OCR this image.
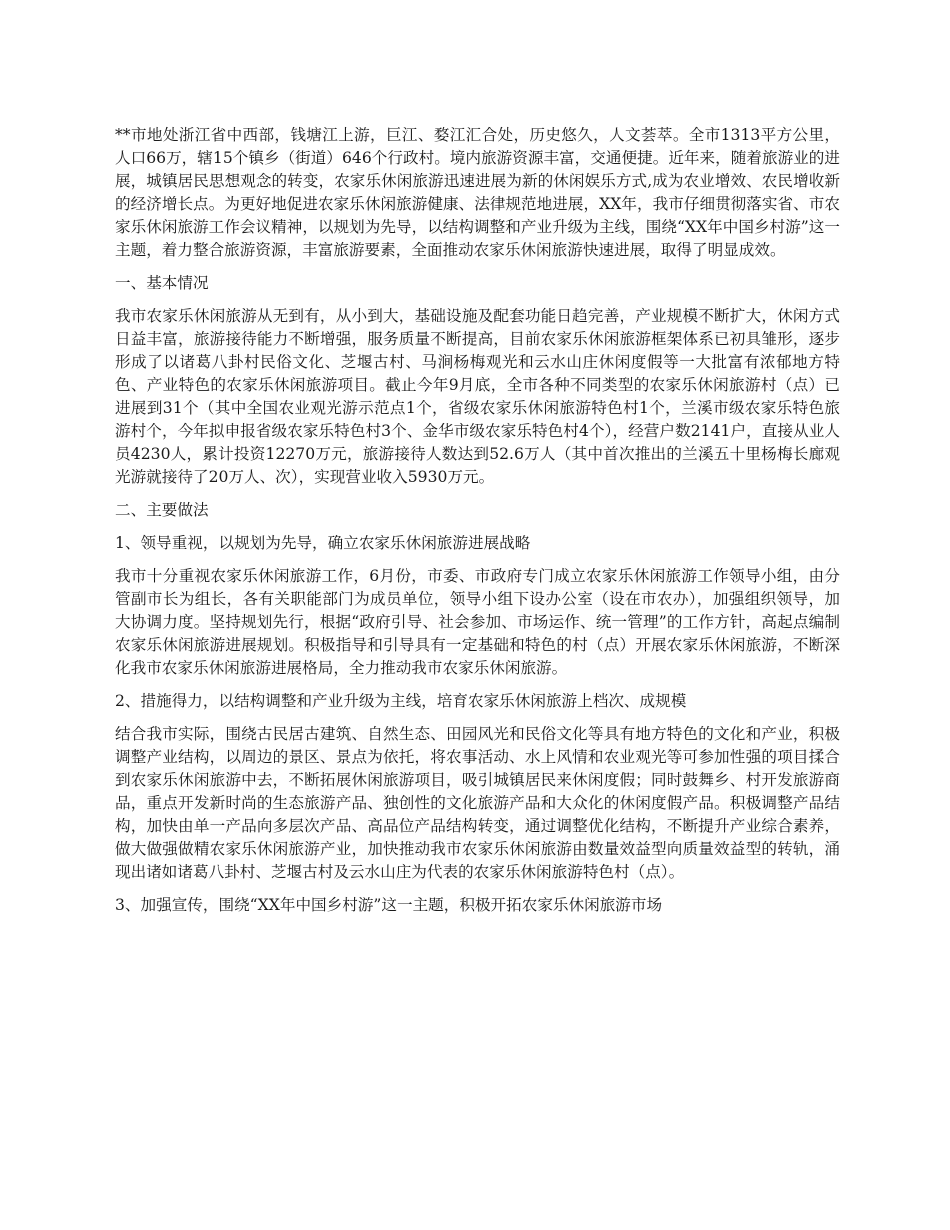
**市地处浙江省中西部，钱塘江上游，巨江、婺江汇合处，历史悠久，人文荟萃。全市1313平方公里，人口66万，辖15个镇乡（街道）646个行政村。境内旅游资源丰富，交通便捷。近年来，随着旅游业的进展，城镇居民思想观念的转变，农家乐休闲旅游迅速进展为新的休闲娱乐方式,成为农业增效、农民增收新的经济增长点。为更好地促进农家乐休闲旅游健康、法律规范地进展，XX年，我市仔细贯彻落实省、市农家乐休闲旅游工作会议精神，以规划为先导，以结构调整和产业升级为主线，围绕“XX年中国乡村游”这一主题，着力整合旅游资源，丰富旅游要素，全面推动农家乐休闲旅游快速进展，取得了明显成效。

一、基本情况

我市农家乐休闲旅游从无到有，从小到大，基础设施及配套功能日趋完善，产业规模不断扩大，休闲方式日益丰富，旅游接待能力不断增强，服务质量不断提高，目前农家乐休闲旅游框架体系已初具雏形，逐步形成了以诸葛八卦村民俗文化、芝堰古村、马涧杨梅观光和云水山庄休闲度假等一大批富有浓郁地方特色、产业特色的农家乐休闲旅游项目。截止今年9月底，全市各种不同类型的农家乐休闲旅游村（点）已进展到31个（其中全国农业观光游示范点1个，省级农家乐休闲旅游特色村1个，兰溪市级农家乐特色旅游村个，今年拟申报省级农家乐特色村3个、金华市级农家乐特色村4个），经营户数2141户，直接从业人员4230人，累计投资12270万元，旅游接待人数达到52.6万人（其中首次推出的兰溪五十里杨梅长廊观光游就接待了20万人、次），实现营业收入5930万元。

二、主要做法

1、领导重视，以规划为先导，确立农家乐休闲旅游进展战略

我市十分重视农家乐休闲旅游工作，6月份，市委、市政府专门成立农家乐休闲旅游工作领导小组，由分管副市长为组长，各有关职能部门为成员单位，领导小组下设办公室（设在市农办），加强组织领导，加大协调力度。坚持规划先行，根据“政府引导、社会参加、市场运作、统一管理”的工作方针，高起点编制农家乐休闲旅游进展规划。积极指导和引导具有一定基础和特色的村（点）开展农家乐休闲旅游，不断深化我市农家乐休闲旅游进展格局，全力推动我市农家乐休闲旅游。

2、措施得力，以结构调整和产业升级为主线，培育农家乐休闲旅游上档次、成规模

结合我市实际，围绕古民居古建筑、自然生态、田园风光和民俗文化等具有地方特色的文化和产业，积极调整产业结构，以周边的景区、景点为依托，将农事活动、水上风情和农业观光等可参加性强的项目揉合到农家乐休闲旅游中去，不断拓展休闲旅游项目，吸引城镇居民来休闲度假；同时鼓舞乡、村开发旅游商品，重点开发新时尚的生态旅游产品、独创性的文化旅游产品和大众化的休闲度假产品。积极调整产品结构，加快由单一产品向多层次产品、高品位产品结构转变，通过调整优化结构，不断提升产业综合素养，做大做强做精农家乐休闲旅游产业，加快推动我市农家乐休闲旅游由数量效益型向质量效益型的转轨，涌现出诸如诸葛八卦村、芝堰古村及云水山庄为代表的农家乐休闲旅游特色村（点）。

3、加强宣传，围绕“XX年中国乡村游”这一主题，积极开拓农家乐休闲旅游市场
